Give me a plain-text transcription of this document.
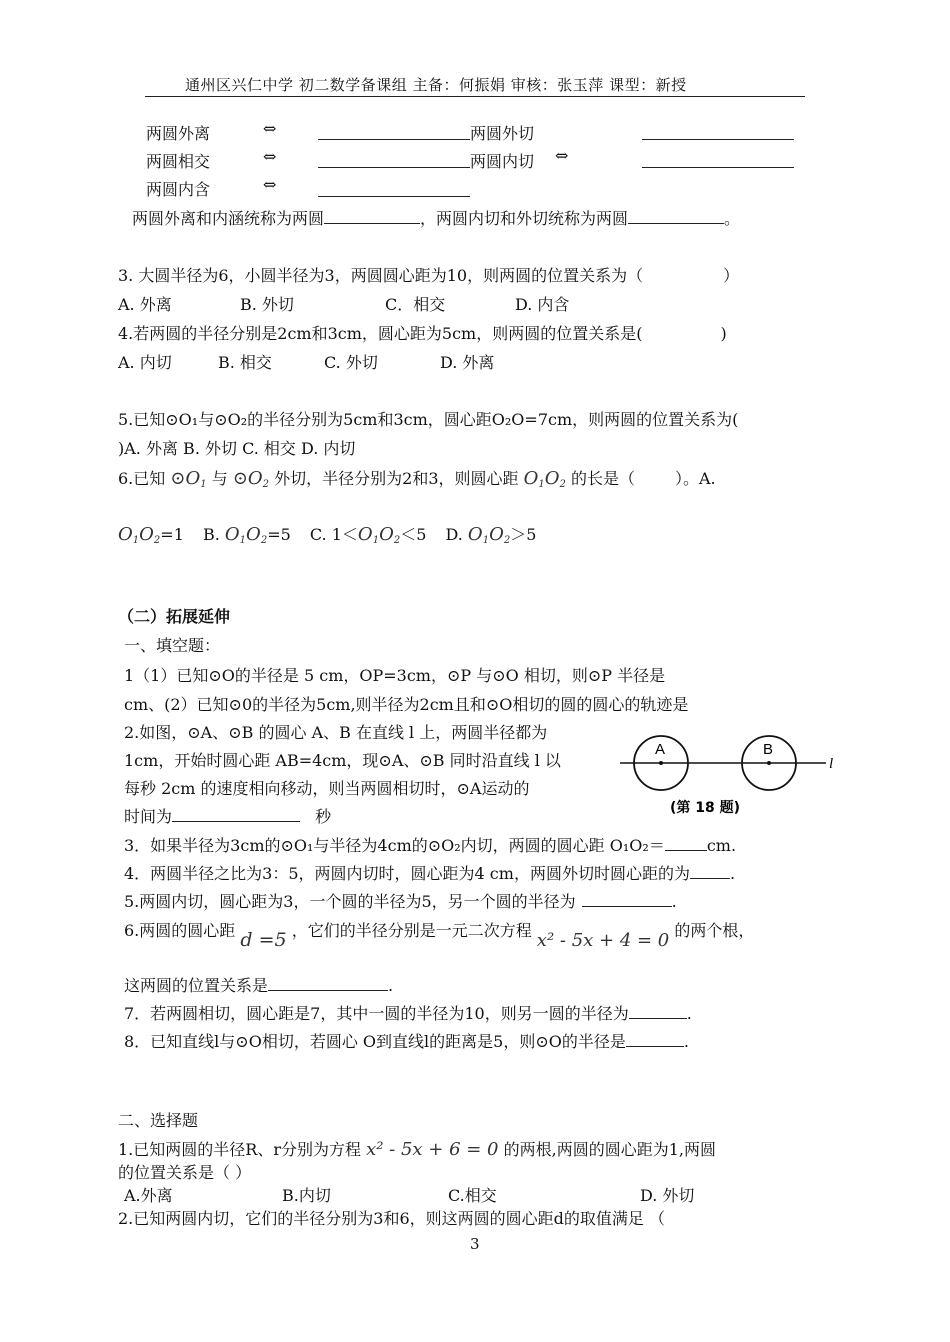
通州区兴仁中学 初二数学备课组 主备：何振娟 审核：张玉萍 课型：新授
两圆外离	⇔	两圆外切
两圆相交	⇔	两圆内切 ⇔
两圆内含	⇔
两圆外离和内涵统称为两圆	，两圆内切和外切统称为两圆	。
3. 大圆半径为6，小圆半径为3，两圆圆心距为10，则两圆的位置关系为（	）
A. 外离	B. 外切	C．相交	D. 内含
4.若两圆的半径分别是2cm和3cm，圆心距为5cm，则两圆的位置关系是(	)
A. 内切	B. 相交	C. 外切	D. 外离
5.已知⊙O₁与⊙O₂的半径分别为5cm和3cm，圆心距O₂O=7cm，则两圆的位置关系为(
)A. 外离 B. 外切 C. 相交 D. 内切
6.已知 $⊙O_1$ 与 $⊙O_2$ 外切，半径分别为2和3，则圆心距 $O_1O_2$ 的长是（	）。A.
$O_1O_2=1$ B. $O_1O_2=5$ C. $1<O_1O_2<5$ D. $O_1O_2>5$
（二）拓展延伸
一、填空题：
1（1）已知⊙O的半径是 5 cm，OP=3cm，⊙P 与⊙O 相切，则⊙P 半径是
cm、(2）已知⊙0的半径为5cm,则半径为2cm且和⊙O相切的圆的圆心的轨迹是
2.如图，⊙A、⊙B 的圆心 A、B 在直线 l 上，两圆半径都为
1cm，开始时圆心距 AB=4cm，现⊙A、⊙B 同时沿直线 l 以
每秒 2cm 的速度相向移动，则当两圆相切时，⊙A运动的
时间为	秒
A	B
l
(第 18 题)
3．如果半径为3cm的⊙O₁与半径为4cm的⊙O₂内切，两圆的圆心距 O₁O₂＝	cm.
4．两圆半径之比为3：5，两圆内切时，圆心距为4 cm，两圆外切时圆心距的为	.
5.两圆内切，圆心距为3，一个圆的半径为5，另一个圆的半径为	.
6.两圆的圆心距 d =5 ，它们的半径分别是一元二次方程 x² - 5x + 4 = 0 的两个根，
这两圆的位置关系是	.
7．若两圆相切，圆心距是7，其中一圆的半径为10，则另一圆的半径为	.
8．已知直线l与⊙O相切，若圆心 O到直线l的距离是5，则⊙O的半径是	.
二、选择题
1.已知两圆的半径R、r分别为方程 x² - 5x + 6 = 0 的两根,两圆的圆心距为1,两圆
的位置关系是（ ）
A.外离	B.内切	C.相交	D. 外切
2.已知两圆内切，它们的半径分别为3和6，则这两圆的圆心距d的取值满足 （
3
